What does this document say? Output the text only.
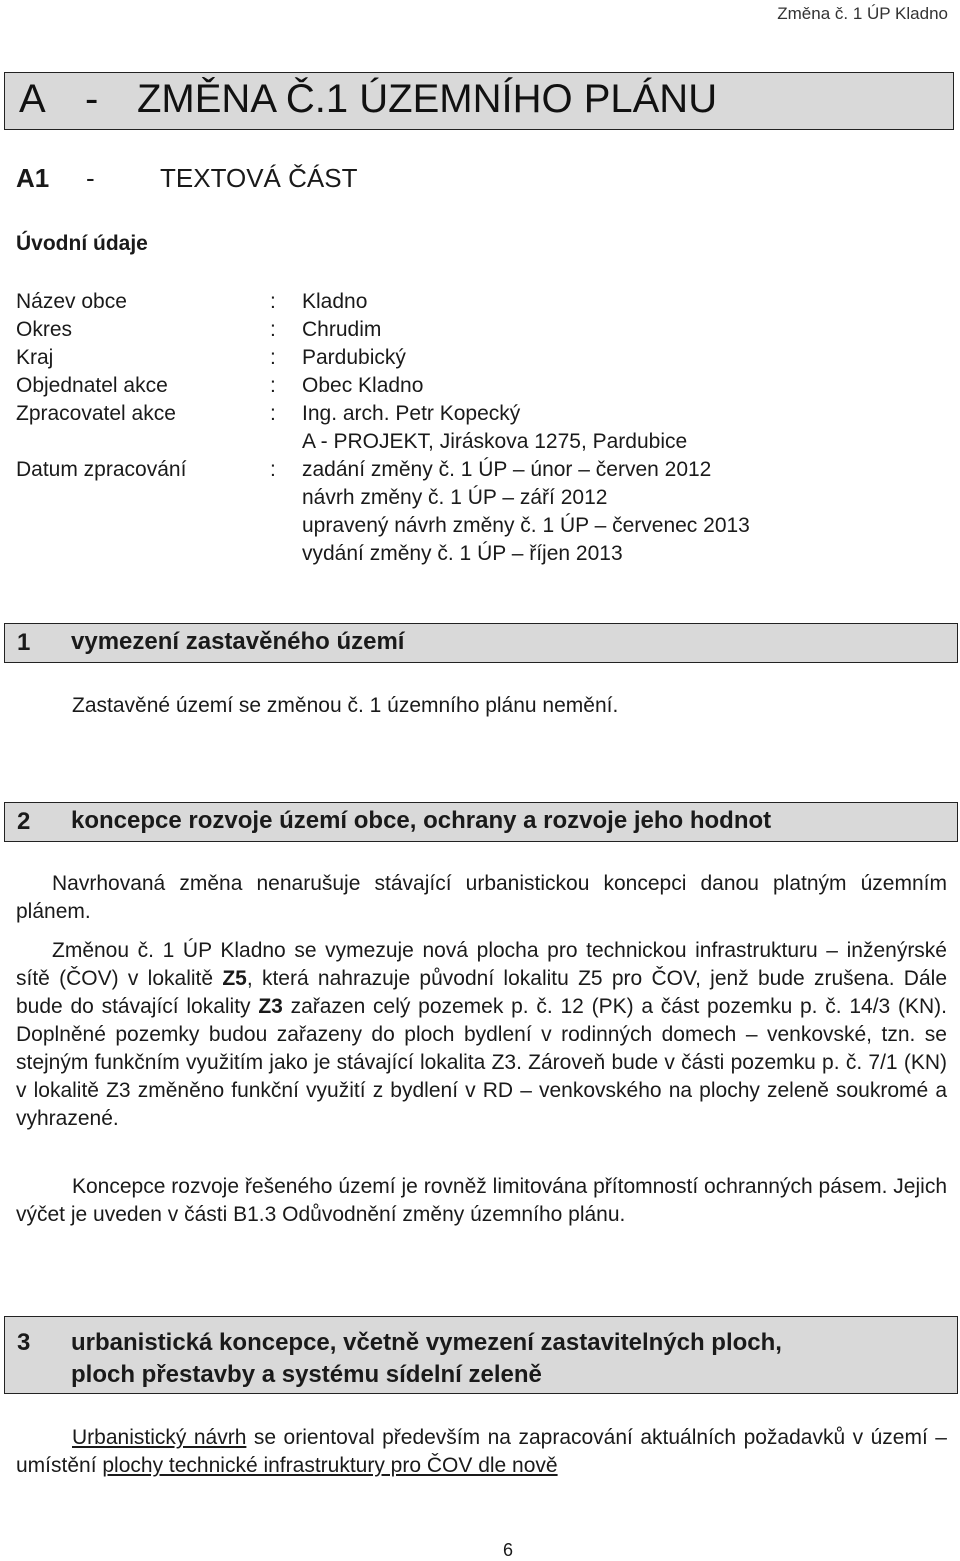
Změna č. 1 ÚP Kladno
A - ZMĚNA Č.1 ÚZEMNÍHO PLÁNU
A1 -	TEXTOVÁ ČÁST
Úvodní údaje
Název obce	: Kladno
Okres	: Chrudim
Kraj	: Pardubický
Objednatel akce	: Obec Kladno
Zpracovatel akce	: Ing. arch. Petr Kopecký
A - PROJEKT, Jiráskova 1275, Pardubice
Datum zpracování	: zadání změny č. 1 ÚP – únor – červen 2012
návrh změny č. 1 ÚP – září 2012
upravený návrh změny č. 1 ÚP – červenec 2013
vydání změny č. 1 ÚP – říjen 2013
1 vymezení zastavěného území
Zastavěné území se změnou č. 1 územního plánu nemění.
2 koncepce rozvoje území obce, ochrany a rozvoje jeho hodnot
Navrhovaná změna nenarušuje stávající urbanistickou koncepci danou platným územním plánem.
Změnou č. 1 ÚP Kladno se vymezuje nová plocha pro technickou infrastrukturu – inženýrské sítě (ČOV) v lokalitě Z5, která nahrazuje původní lokalitu Z5 pro ČOV, jenž bude zrušena. Dále bude do stávající lokality Z3 zařazen celý pozemek p. č. 12 (PK) a část pozemku p. č. 14/3 (KN). Doplněné pozemky budou zařazeny do ploch bydlení v rodinných domech – venkovské, tzn. se stejným funkčním využitím jako je stávající lokalita Z3. Zároveň bude v části pozemku p. č. 7/1 (KN) v lokalitě Z3 změněno funkční využití z bydlení v RD – venkovského na plochy zeleně soukromé a vyhrazené.
Koncepce rozvoje řešeného území je rovněž limitována přítomností ochranných pásem. Jejich výčet je uveden v části B1.3 Odůvodnění změny územního plánu.
3 urbanistická koncepce, včetně vymezení zastavitelných ploch,
ploch přestavby a systému sídelní zeleně
Urbanistický návrh se orientoval především na zapracování aktuálních požadavků v území – umístění plochy technické infrastruktury pro ČOV dle nově
6
